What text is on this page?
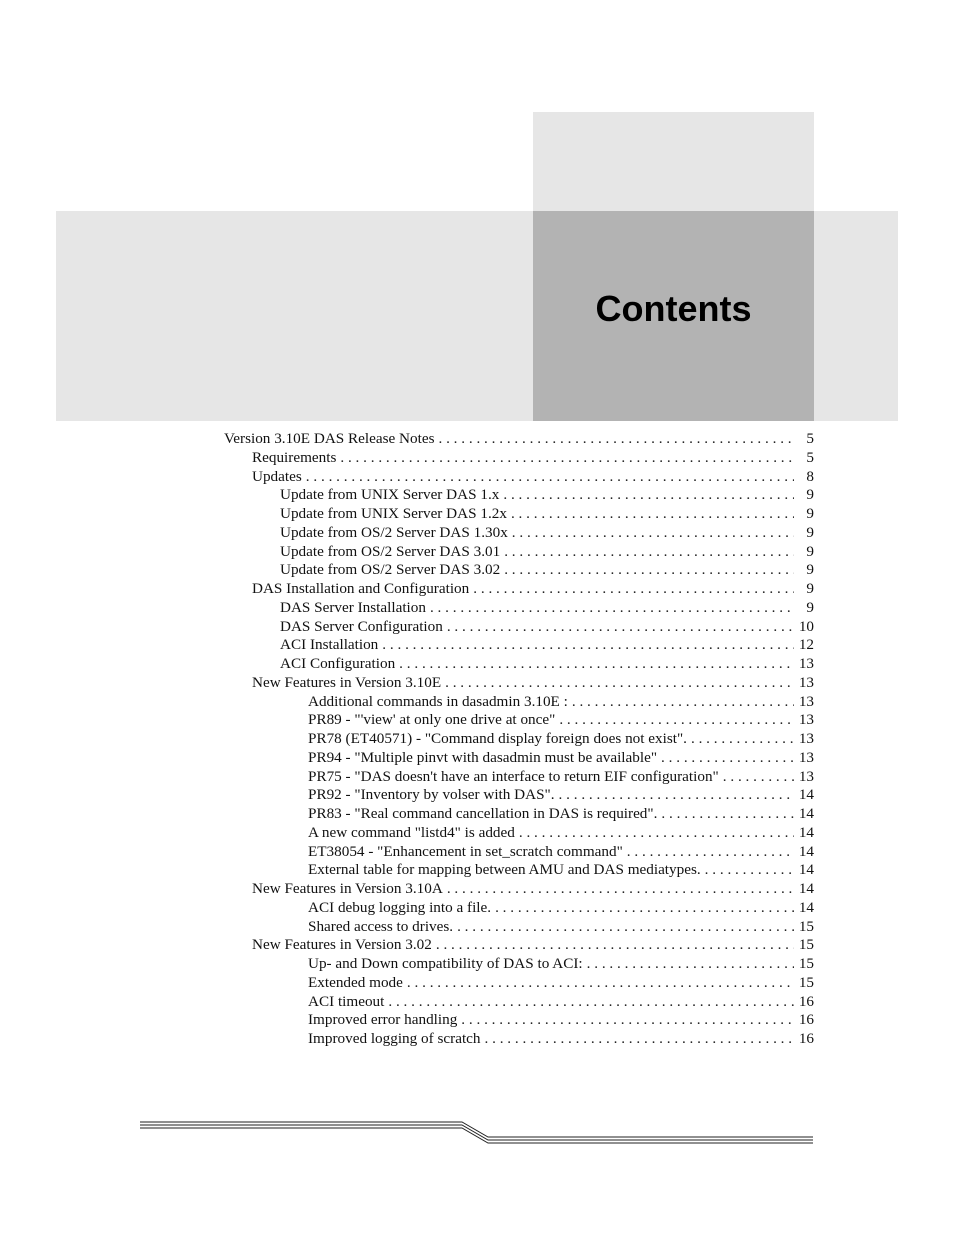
Contents
Version 3.10E DAS Release Notes . . .	5
Requirements . . .	5
Updates . . .	8
Update from UNIX Server DAS 1.x . . .	9
Update from UNIX Server DAS 1.2x . . .	9
Update from OS/2 Server DAS 1.30x . . .	9
Update from OS/2 Server DAS 3.01 . . .	9
Update from OS/2 Server DAS 3.02 . . .	9
DAS Installation and Configuration . . .	9
DAS Server Installation . . .	9
DAS Server Configuration . . .	10
ACI Installation . . .	12
ACI Configuration . . .	13
New Features in Version 3.10E . . .	13
Additional commands in dasadmin 3.10E : . . .	13
PR89 - "'view' at only one drive at once" . . .	13
PR78 (ET40571) - "Command display foreign does not exist". . . .	13
PR94 - "Multiple pinvt with dasadmin must be available" . . .	13
PR75 - "DAS doesn't have an interface to return EIF configuration" . . .	13
PR92 - "Inventory by volser with DAS". . . .	14
PR83 - "Real command cancellation in DAS is required". . . .	14
A new command "listd4" is added . . .	14
ET38054 - "Enhancement in set_scratch command" . . .	14
External table for mapping between AMU and DAS mediatypes. . . .	14
New Features in Version 3.10A . . .	14
ACI debug logging into a file. . . .	14
Shared access to drives. . . .	15
New Features in Version 3.02 . . .	15
Up- and Down compatibility of DAS to ACI: . . .	15
Extended mode . . .	15
ACI timeout . . .	16
Improved error handling . . .	16
Improved logging of scratch . . .	16
